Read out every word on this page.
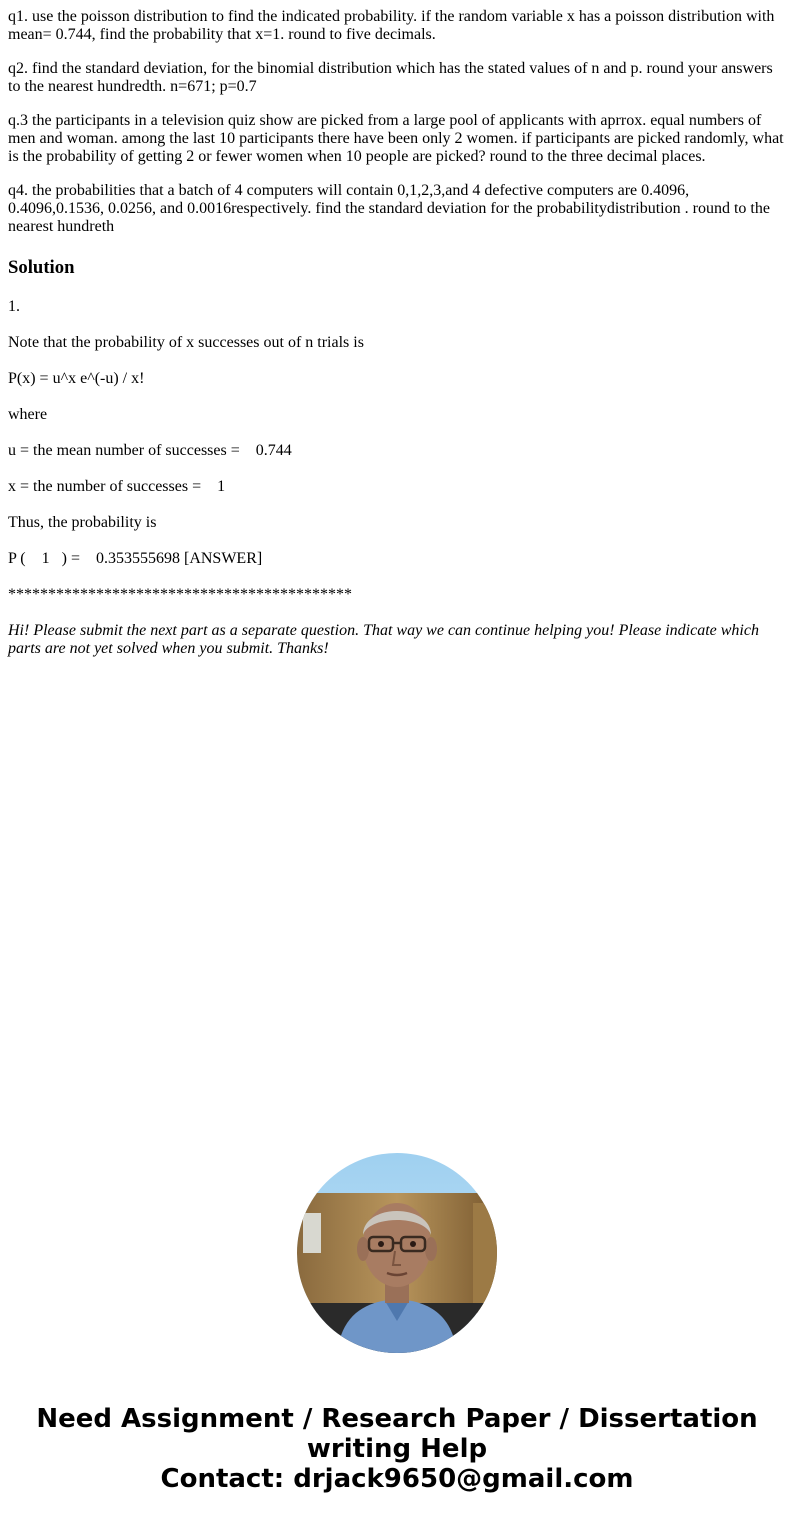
q1. use the poisson distribution to find the indicated probability. if the random variable x has a poisson distribution with mean= 0.744, find the probability that x=1. round to five decimals.

q2. find the standard deviation, for the binomial distribution which has the stated values of n and p. round your answers to the nearest hundredth. n=671; p=0.7

q.3 the participants in a television quiz show are picked from a large pool of applicants with aprrox. equal numbers of men and woman. among the last 10 participants there have been only 2 women. if participants are picked randomly, what is the probability of getting 2 or fewer women when 10 people are picked? round to the three decimal places.

q4. the probabilities that a batch of 4 computers will contain 0,1,2,3,and 4 defective computers are 0.4096, 0.4096,0.1536, 0.0256, and 0.0016respectively. find the standard deviation for the probabilitydistribution . round to the nearest hundreth

Solution

1.

Note that the probability of x successes out of n trials is

P(x) = u^x e^(-u) / x!

where

u = the mean number of successes =    0.744

x = the number of successes =    1

Thus, the probability is

P (    1   ) =    0.353555698 [ANSWER]

*******************************************

Hi! Please submit the next part as a separate question. That way we can continue helping you! Please indicate which parts are not yet solved when you submit. Thanks!

Need Assignment / Research Paper / Dissertation
writing Help
Contact: drjack9650@gmail.com
